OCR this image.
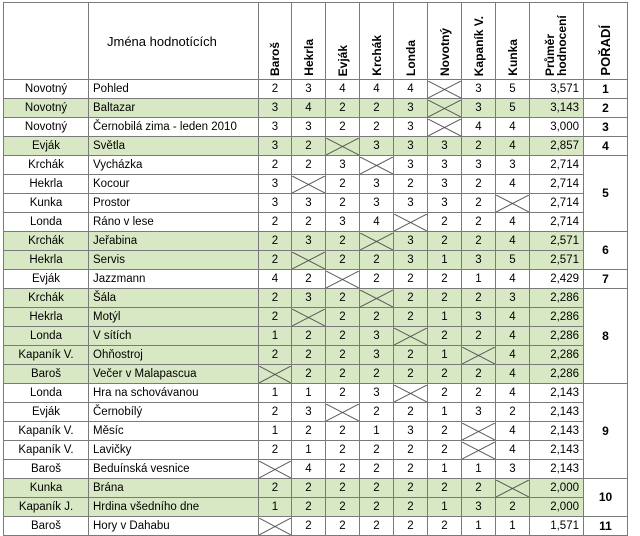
	Jména hodnotících	Baroš	Hekrla	Evják	Krchák	Londa	Novotný	Kapaník V.	Kunka	Průměr hodnocení	POŘADÍ

Novotný	Pohled	2	3	4	4	4		3	5	3,571	1
Novotný	Baltazar	3	4	2	2	3		3	5	3,143	2
Novotný	Černobilá zima - leden 2010	3	3	2	2	3		4	4	3,000	3
Evják	Světla	3	2		3	3	3	2	4	2,857	4
Krchák	Vycházka	2	2	3		3	3	3	3	2,714	5
Hekrla	Kocour	3		2	3	2	3	2	4	2,714	
Kunka	Prostor	3	3	2	3	3	3	2		2,714	
Londa	Ráno v lese	2	2	3	4		2	2	4	2,714	
Krchák	Jeřabina	2	3	2		3	2	2	4	2,571	6
Hekrla	Servis	2		2	2	3	1	3	5	2,571	
Evják	Jazzmann	4	2		2	2	2	1	4	2,429	7
Krchák	Šála	2	3	2		2	2	2	3	2,286	8
Hekrla	Motýl	2		2	2	2	1	3	4	2,286	
Londa	V sítích	1	2	2	3		2	2	4	2,286	
Kapaník V.	Ohňostroj	2	2	2	3	2	1		4	2,286	
Baroš	Večer v Malapascua		2	2	2	2	2	2	4	2,286	
Londa	Hra na schovávanou	1	1	2	3		2	2	4	2,143	9
Evják	Černobílý	2	3		2	2	1	3	2	2,143	
Kapaník V.	Měsíc	1	2	2	1	3	2		4	2,143	
Kapaník V.	Lavičky	2	1	2	2	2	2		4	2,143	
Baroš	Beduínská vesnice		4	2	2	2	1	1	3	2,143	
Kunka	Brána	2	2	2	2	2	2	2		2,000	10
Kapaník J.	Hrdina všedního dne	1	2	2	2	2	1	3	2	2,000	
Baroš	Hory v Dahabu		2	2	2	2	2	1	1	1,571	11
